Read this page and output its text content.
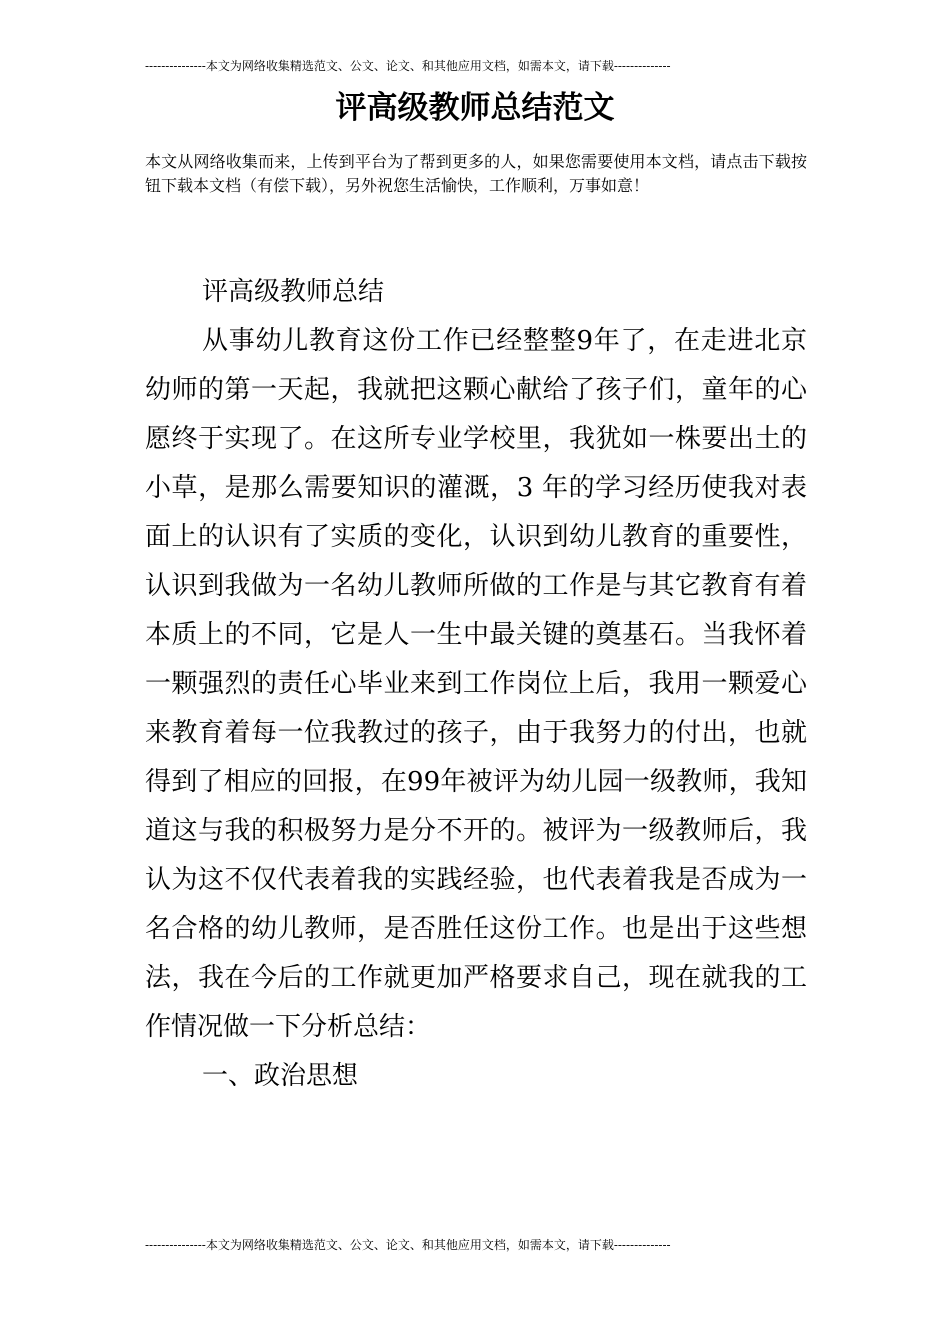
---------------本文为网络收集精选范文、公文、论文、和其他应用文档，如需本文，请下载--------------
评高级教师总结范文

本文从网络收集而来，上传到平台为了帮到更多的人，如果您需要使用本文档，请点击下载按钮下载本文档（有偿下载），另外祝您生活愉快，工作顺利，万事如意！

评高级教师总结

从事幼儿教育这份工作已经整整9年了，在走进北京幼师的第一天起，我就把这颗心献给了孩子们，童年的心愿终于实现了。在这所专业学校里，我犹如一株要出土的小草，是那么需要知识的灌溉，3 年的学习经历使我对表面上的认识有了实质的变化，认识到幼儿教育的重要性，认识到我做为一名幼儿教师所做的工作是与其它教育有着本质上的不同，它是人一生中最关键的奠基石。当我怀着一颗强烈的责任心毕业来到工作岗位上后，我用一颗爱心来教育着每一位我教过的孩子，由于我努力的付出，也就得到了相应的回报，在99年被评为幼儿园一级教师，我知道这与我的积极努力是分不开的。被评为一级教师后，我认为这不仅代表着我的实践经验，也代表着我是否成为一名合格的幼儿教师，是否胜任这份工作。也是出于这些想法，我在今后的工作就更加严格要求自己，现在就我的工作情况做一下分析总结：

一、政治思想

---------------本文为网络收集精选范文、公文、论文、和其他应用文档，如需本文，请下载--------------
